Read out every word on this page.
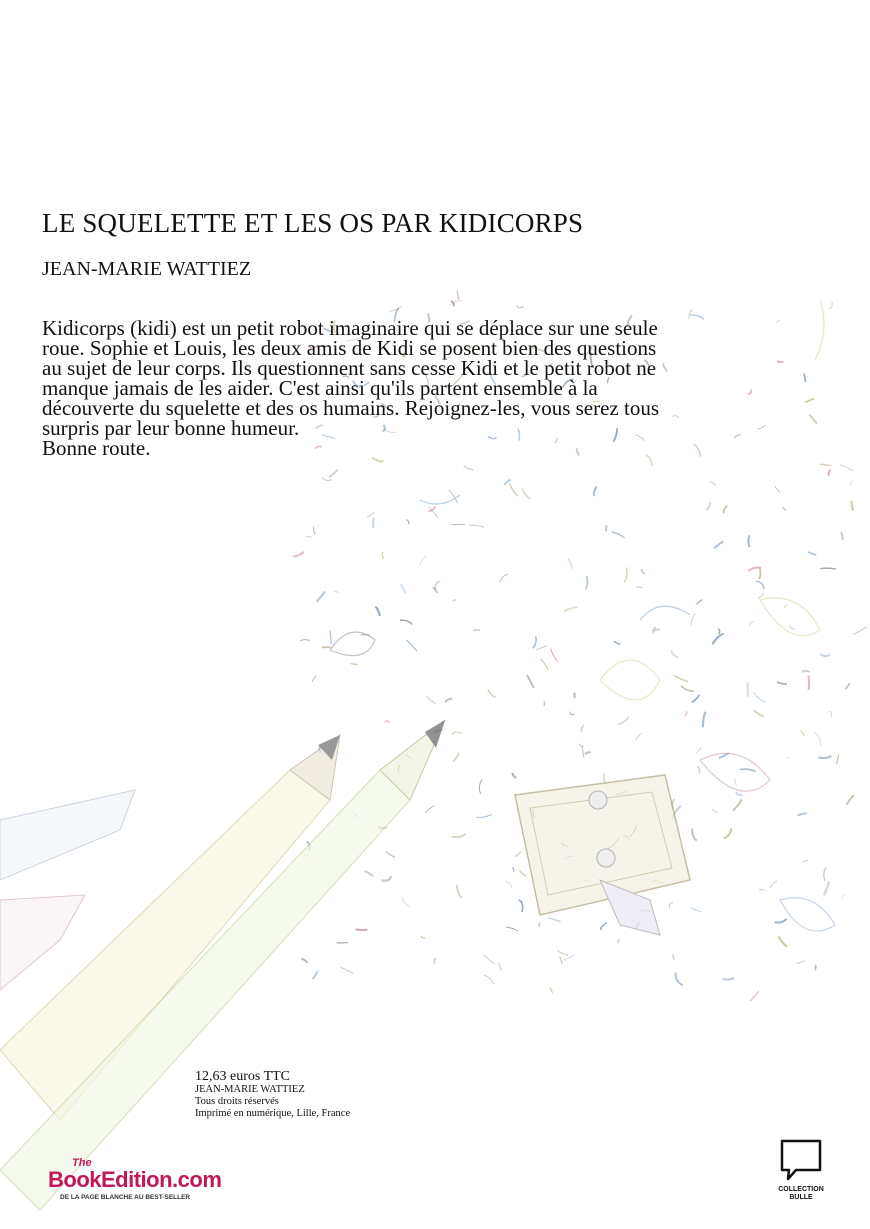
LE SQUELETTE ET LES OS PAR KIDICORPS
JEAN-MARIE WATTIEZ

Kidicorps (kidi) est un petit robot imaginaire qui se déplace sur une seule roue. Sophie et Louis, les deux amis de Kidi se posent bien des questions au sujet de leur corps. Ils questionnent sans cesse Kidi et le petit robot ne manque jamais de les aider. C'est ainsi qu'ils partent ensemble à la découverte du squelette et des os humains. Rejoignez-les, vous serez tous surpris par leur bonne humeur.

Bonne route.

12,63 euros TTC
JEAN-MARIE WATTIEZ
Tous droits réservés
Imprimé en numérique, Lille, France
The
BookEdition.com
DE LA PAGE BLANCHE AU BEST-SELLER
COLLECTION
BULLE
